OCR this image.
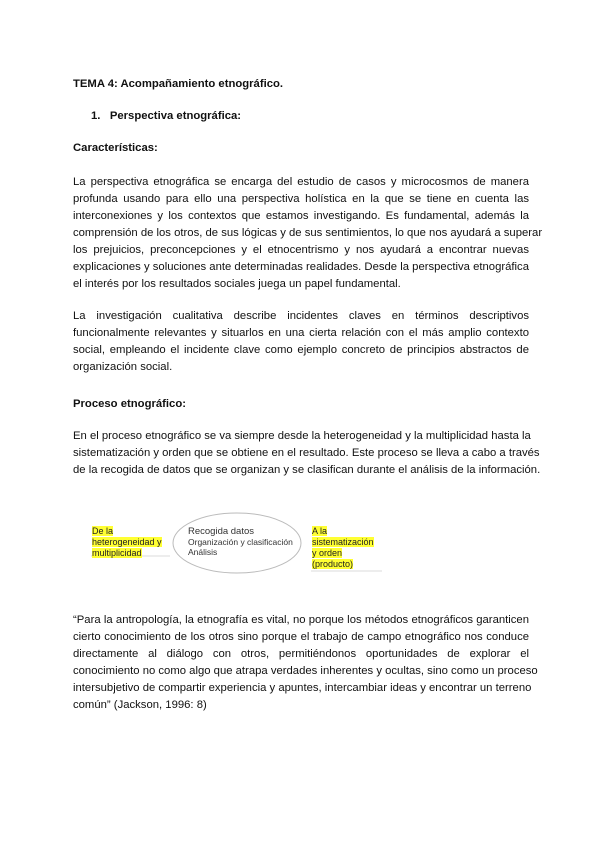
TEMA 4: Acompañamiento etnográfico.
1. Perspectiva etnográfica:
Características:
La perspectiva etnográfica se encarga del estudio de casos y microcosmos de manera
profunda usando para ello una perspectiva holística en la que se tiene en cuenta las
interconexiones y los contextos que estamos investigando. Es fundamental, además la
comprensión de los otros, de sus lógicas y de sus sentimientos, lo que nos ayudará a superar
los prejuicios, preconcepciones y el etnocentrismo y nos ayudará a encontrar nuevas
explicaciones y soluciones ante determinadas realidades. Desde la perspectiva etnográfica
el interés por los resultados sociales juega un papel fundamental.
La investigación cualitativa describe incidentes claves en términos descriptivos
funcionalmente relevantes y situarlos en una cierta relación con el más amplio contexto
social, empleando el incidente clave como ejemplo concreto de principios abstractos de
organización social.
Proceso etnográfico:
En el proceso etnográfico se va siempre desde la heterogeneidad y la multiplicidad hasta la
sistematización y orden que se obtiene en el resultado. Este proceso se lleva a cabo a través
de la recogida de datos que se organizan y se clasifican durante el análisis de la información.
De la
heterogeneidad y
multiplicidad
Recogida datos
Organización y clasificación
Análisis
A la
sistematización
y orden
(producto)
“Para la antropología, la etnografía es vital, no porque los métodos etnográficos garanticen
cierto conocimiento de los otros sino porque el trabajo de campo etnográfico nos conduce
directamente al diálogo con otros, permitiéndonos oportunidades de explorar el
conocimiento no como algo que atrapa verdades inherentes y ocultas, sino como un proceso
intersubjetivo de compartir experiencia y apuntes, intercambiar ideas y encontrar un terreno
común” (Jackson, 1996: 8)
